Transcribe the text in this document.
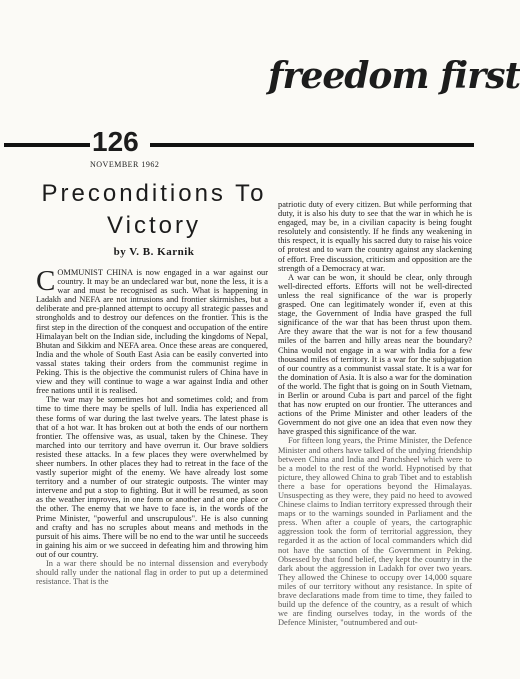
freedom first
126
NOVEMBER 1962
Preconditions To
Victory
by V. B. Karnik

COMMUNIST CHINA is now engaged in a war against our country. It may be an undeclared war but, none the less, it is a war and must be recognised as such. What is happening in Ladakh and NEFA are not intrusions and frontier skirmishes, but a deliberate and pre-planned attempt to occupy all strategic passes and strongholds and to destroy our defences on the frontier. This is the first step in the direction of the conquest and occupation of the entire Himalayan belt on the Indian side, including the kingdoms of Nepal, Bhutan and Sikkim and NEFA area. Once these areas are conquered, India and the whole of South East Asia can be easily converted into vassal states taking their orders from the communist regime in Peking. This is the objective the communist rulers of China have in view and they will continue to wage a war against India and other free nations until it is realised.

The war may be sometimes hot and sometimes cold; and from time to time there may be spells of lull. India has experienced all these forms of war during the last twelve years. The latest phase is that of a hot war. It has broken out at both the ends of our northern frontier. The offensive was, as usual, taken by the Chinese. They marched into our territory and have overrun it. Our brave soldiers resisted these attacks. In a few places they were overwhelmed by sheer numbers. In other places they had to retreat in the face of the vastly superior might of the enemy. We have already lost some territory and a number of our strategic outposts. The winter may intervene and put a stop to fighting. But it will be resumed, as soon as the weather improves, in one form or another and at one place or the other. The enemy that we have to face is, in the words of the Prime Minister, "powerful and unscrupulous". He is also cunning and crafty and has no scruples about means and methods in the pursuit of his aims. There will be no end to the war until he succeeds in gaining his aim or we succeed in defeating him and throwing him out of our country.

In a war there should be no internal dissension and everybody should rally under the national flag in order to put up a determined resistance. That is the

patriotic duty of every citizen. But while performing that duty, it is also his duty to see that the war in which he is engaged, may be, in a civilian capacity is being fought resolutely and consistently. If he finds any weakening in this respect, it is equally his sacred duty to raise his voice of protest and to warn the country against any slackening of effort. Free discussion, criticism and opposition are the strength of a Democracy at war.

A war can be won, it should be clear, only through well-directed efforts. Efforts will not be well-directed unless the real significance of the war is properly grasped. One can legitimately wonder if, even at this stage, the Government of India have grasped the full significance of the war that has been thrust upon them. Are they aware that the war is not for a few thousand miles of the barren and hilly areas near the boundary? China would not engage in a war with India for a few thousand miles of territory. It is a war for the subjugation of our country as a communist vassal state. It is a war for the domination of Asia. It is also a war for the domination of the world. The fight that is going on in South Vietnam, in Berlin or around Cuba is part and parcel of the fight that has now erupted on our frontier. The utterances and actions of the Prime Minister and other leaders of the Government do not give one an idea that even now they have grasped this significance of the war.

For fifteen long years, the Prime Minister, the Defence Minister and others have talked of the undying friendship between China and India and Panchsheel which were to be a model to the rest of the world. Hypnotised by that picture, they allowed China to grab Tibet and to establish there a base for operations beyond the Himalayas. Unsuspecting as they were, they paid no heed to avowed Chinese claims to Indian territory expressed through their maps or to the warnings sounded in Parliament and the press. When after a couple of years, the cartographic aggression took the form of territorial aggression, they regarded it as the action of local commanders which did not have the sanction of the Government in Peking. Obsessed by that fond belief, they kept the country in the dark about the aggression in Ladakh for over two years. They allowed the Chinese to occupy over 14,000 square miles of our territory without any resistance. In spite of brave declarations made from time to time, they failed to build up the defence of the country, as a result of which we are finding ourselves today, in the words of the Defence Minister, "outnumbered and out-
